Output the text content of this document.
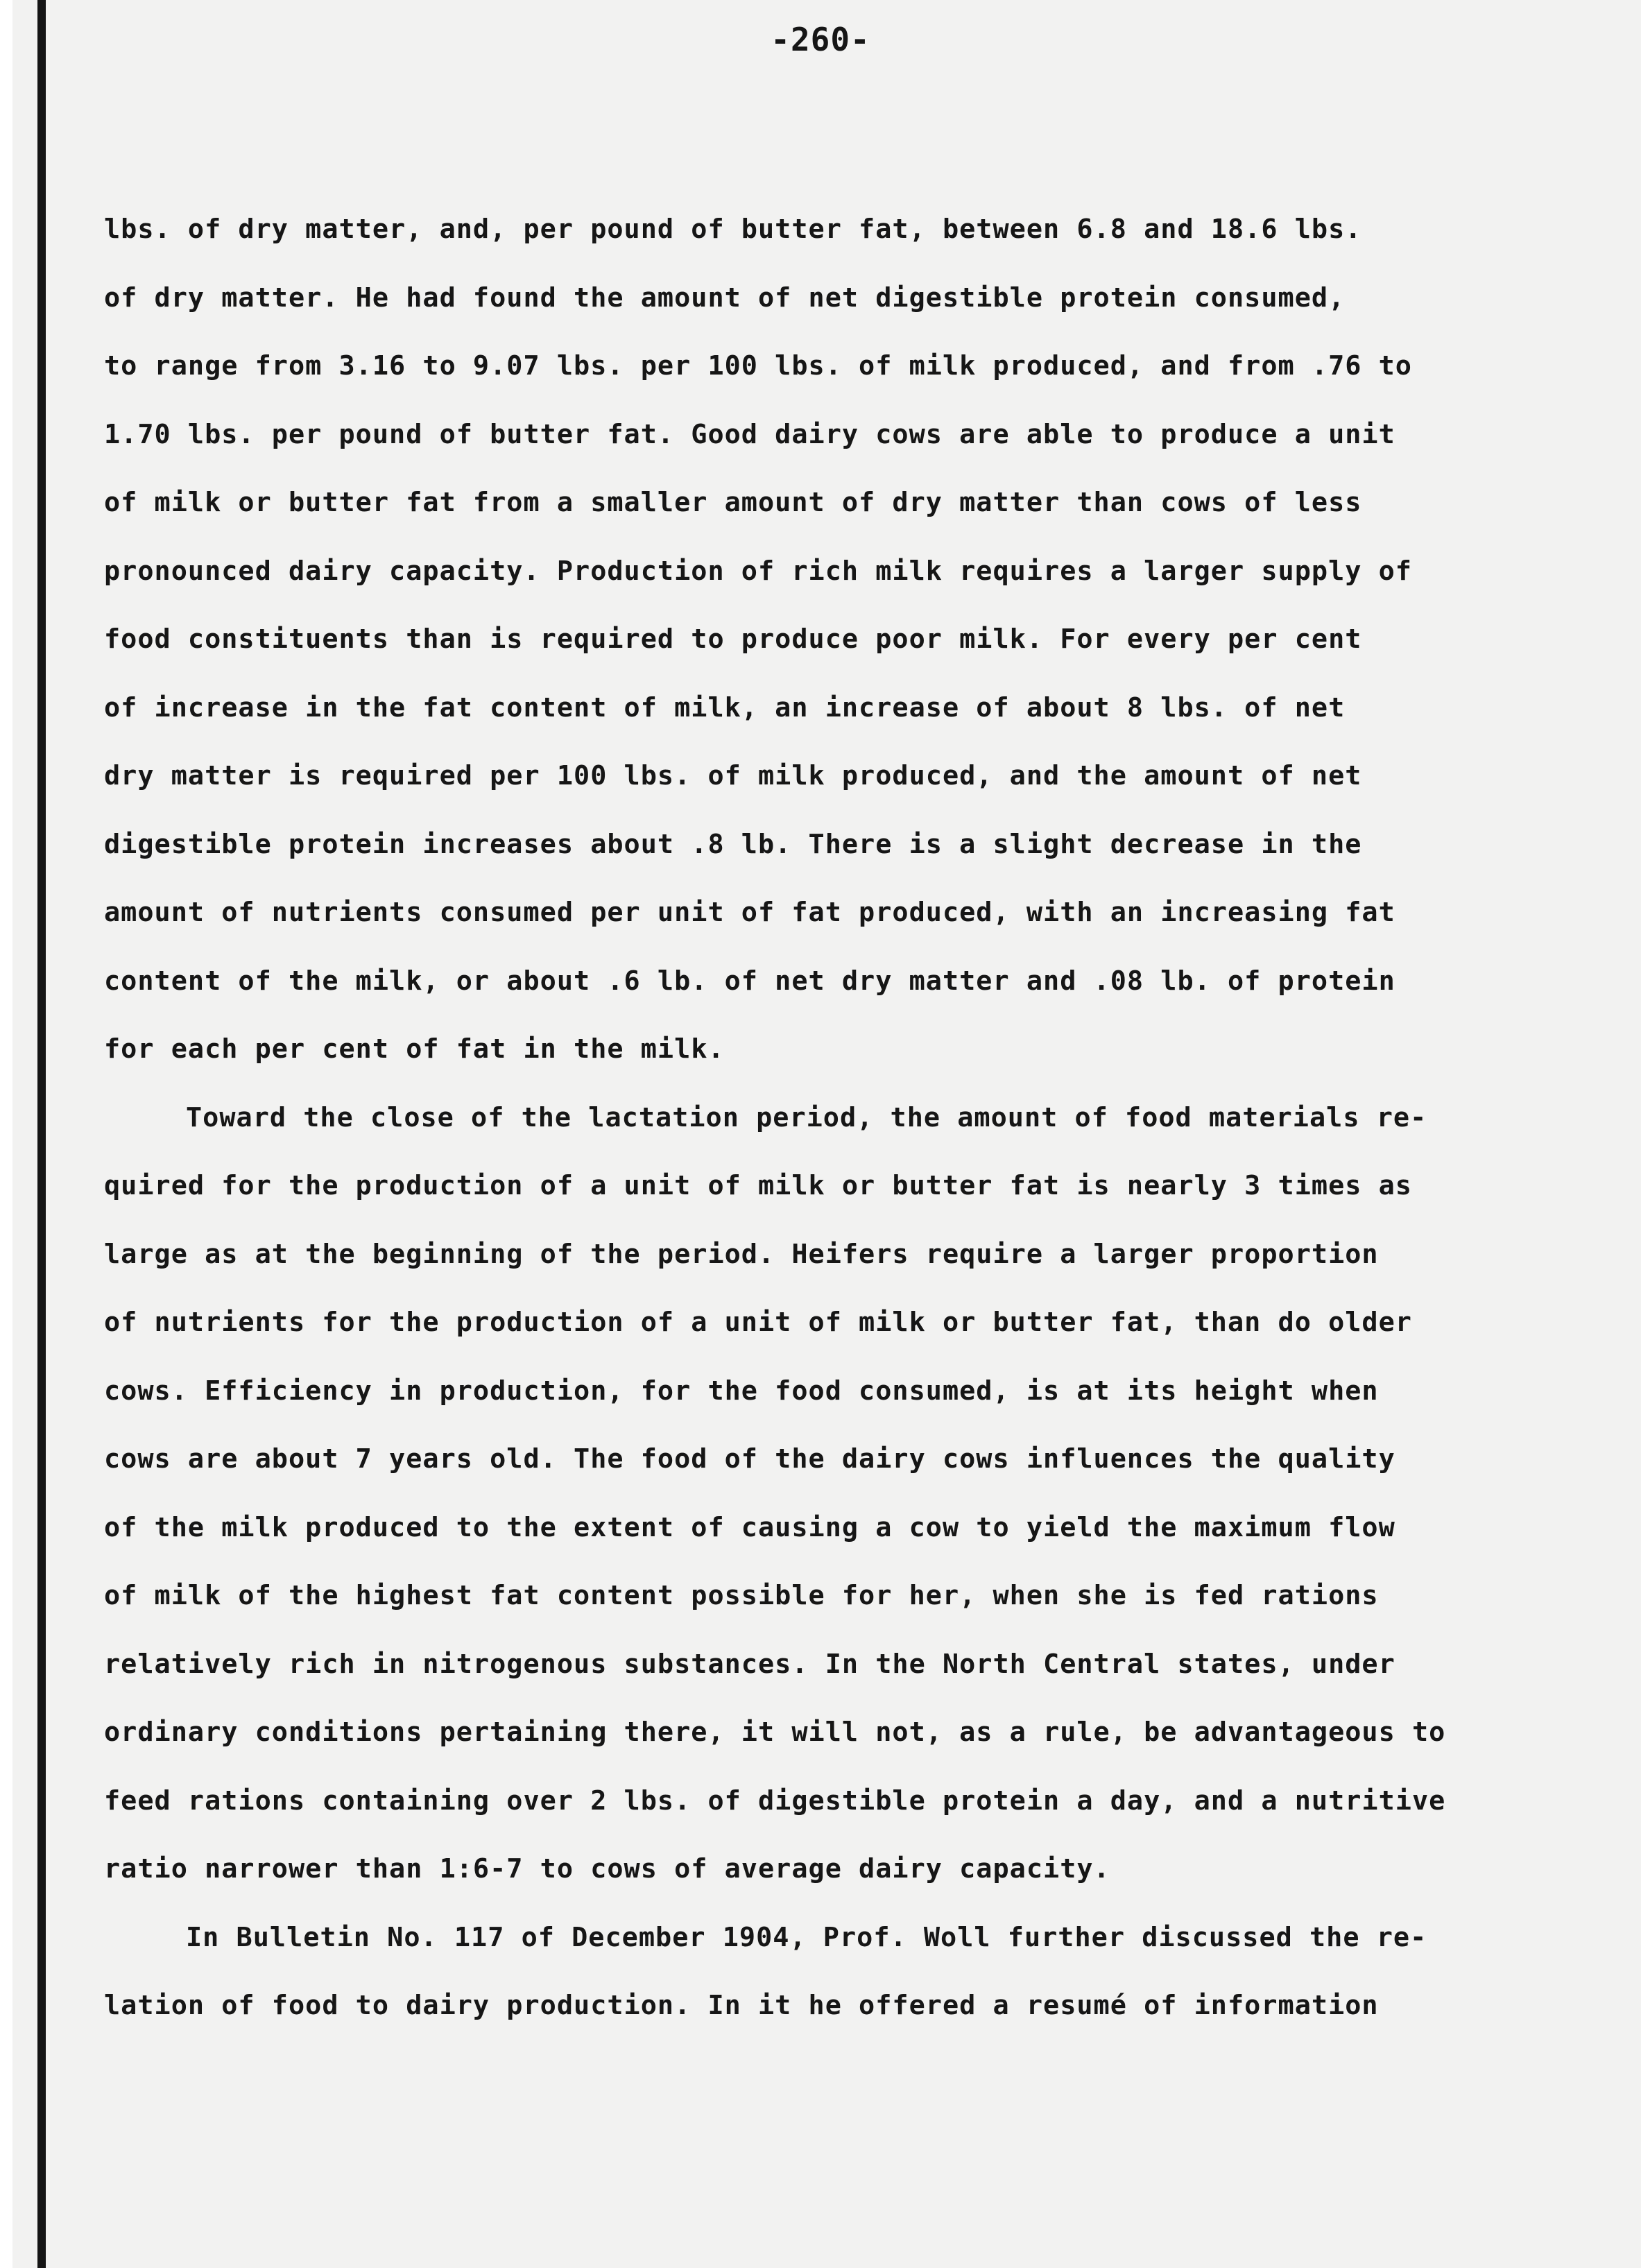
-260-
lbs. of dry matter, and, per pound of butter fat, between 6.8 and 18.6 lbs.
of dry matter. He had found the amount of net digestible protein consumed,
to range from 3.16 to 9.07 lbs. per 100 lbs. of milk produced, and from .76 to
1.70 lbs. per pound of butter fat. Good dairy cows are able to produce a unit
of milk or butter fat from a smaller amount of dry matter than cows of less
pronounced dairy capacity. Production of rich milk requires a larger supply of
food constituents than is required to produce poor milk. For every per cent
of increase in the fat content of milk, an increase of about 8 lbs. of net
dry matter is required per 100 lbs. of milk produced, and the amount of net
digestible protein increases about .8 lb. There is a slight decrease in the
amount of nutrients consumed per unit of fat produced, with an increasing fat
content of the milk, or about .6 lb. of net dry matter and .08 lb. of protein
for each per cent of fat in the milk.
Toward the close of the lactation period, the amount of food materials re-
quired for the production of a unit of milk or butter fat is nearly 3 times as
large as at the beginning of the period. Heifers require a larger proportion
of nutrients for the production of a unit of milk or butter fat, than do older
cows. Efficiency in production, for the food consumed, is at its height when
cows are about 7 years old. The food of the dairy cows influences the quality
of the milk produced to the extent of causing a cow to yield the maximum flow
of milk of the highest fat content possible for her, when she is fed rations
relatively rich in nitrogenous substances. In the North Central states, under
ordinary conditions pertaining there, it will not, as a rule, be advantageous to
feed rations containing over 2 lbs. of digestible protein a day, and a nutritive
ratio narrower than 1:6-7 to cows of average dairy capacity.
In Bulletin No. 117 of December 1904, Prof. Woll further discussed the re-
lation of food to dairy production. In it he offered a resumé of information
